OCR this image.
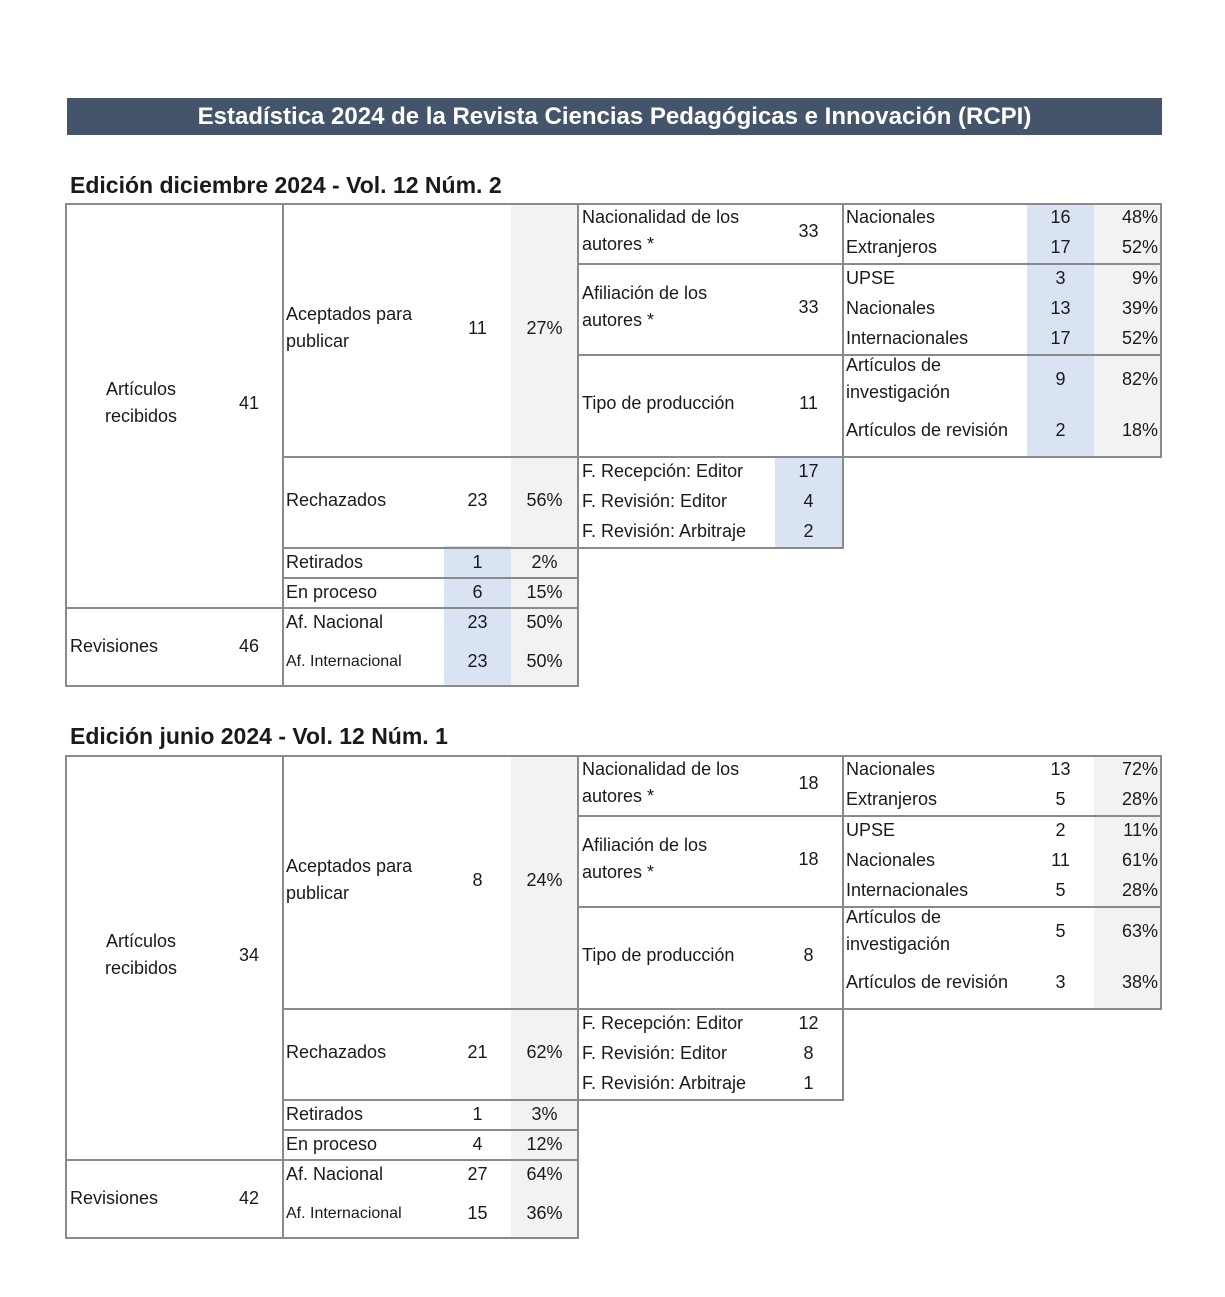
Estadística 2024 de la Revista Ciencias Pedagógicas e Innovación (RCPI)
Edición diciembre 2024 - Vol. 12 Núm. 2
Artículos
recibidos
41
Revisiones	46
Aceptados para
publicar
11	27%
Rechazados	23	56%
Retirados	1	2%
En proceso	6	15%
Af. Nacional	23	50%
Af. Internacional	23	50%
Nacionalidad de los
autores *
33
Nacionales	16	48%
Extranjeros	17	52%
Afiliación de los
autores *
33
UPSE	3	9%
Nacionales	13	39%
Internacionales	17	52%
Tipo de producción	11
Artículos de
investigación
9	82%
Artículos de revisión	2	18%
F. Recepción: Editor	17
F. Revisión: Editor	4
F. Revisión: Arbitraje	2
Edición junio 2024 - Vol. 12 Núm. 1
Artículos
recibidos
34
Revisiones	42
Aceptados para
publicar
8	24%
Rechazados	21	62%
Retirados	1	3%
En proceso	4	12%
Af. Nacional	27	64%
Af. Internacional	15	36%
Nacionalidad de los
autores *
18
Nacionales	13	72%
Extranjeros	5	28%
Afiliación de los
autores *
18
UPSE	2	11%
Nacionales	11	61%
Internacionales	5	28%
Tipo de producción	8
Artículos de
investigación
5	63%
Artículos de revisión	3	38%
F. Recepción: Editor	12
F. Revisión: Editor	8
F. Revisión: Arbitraje	1
